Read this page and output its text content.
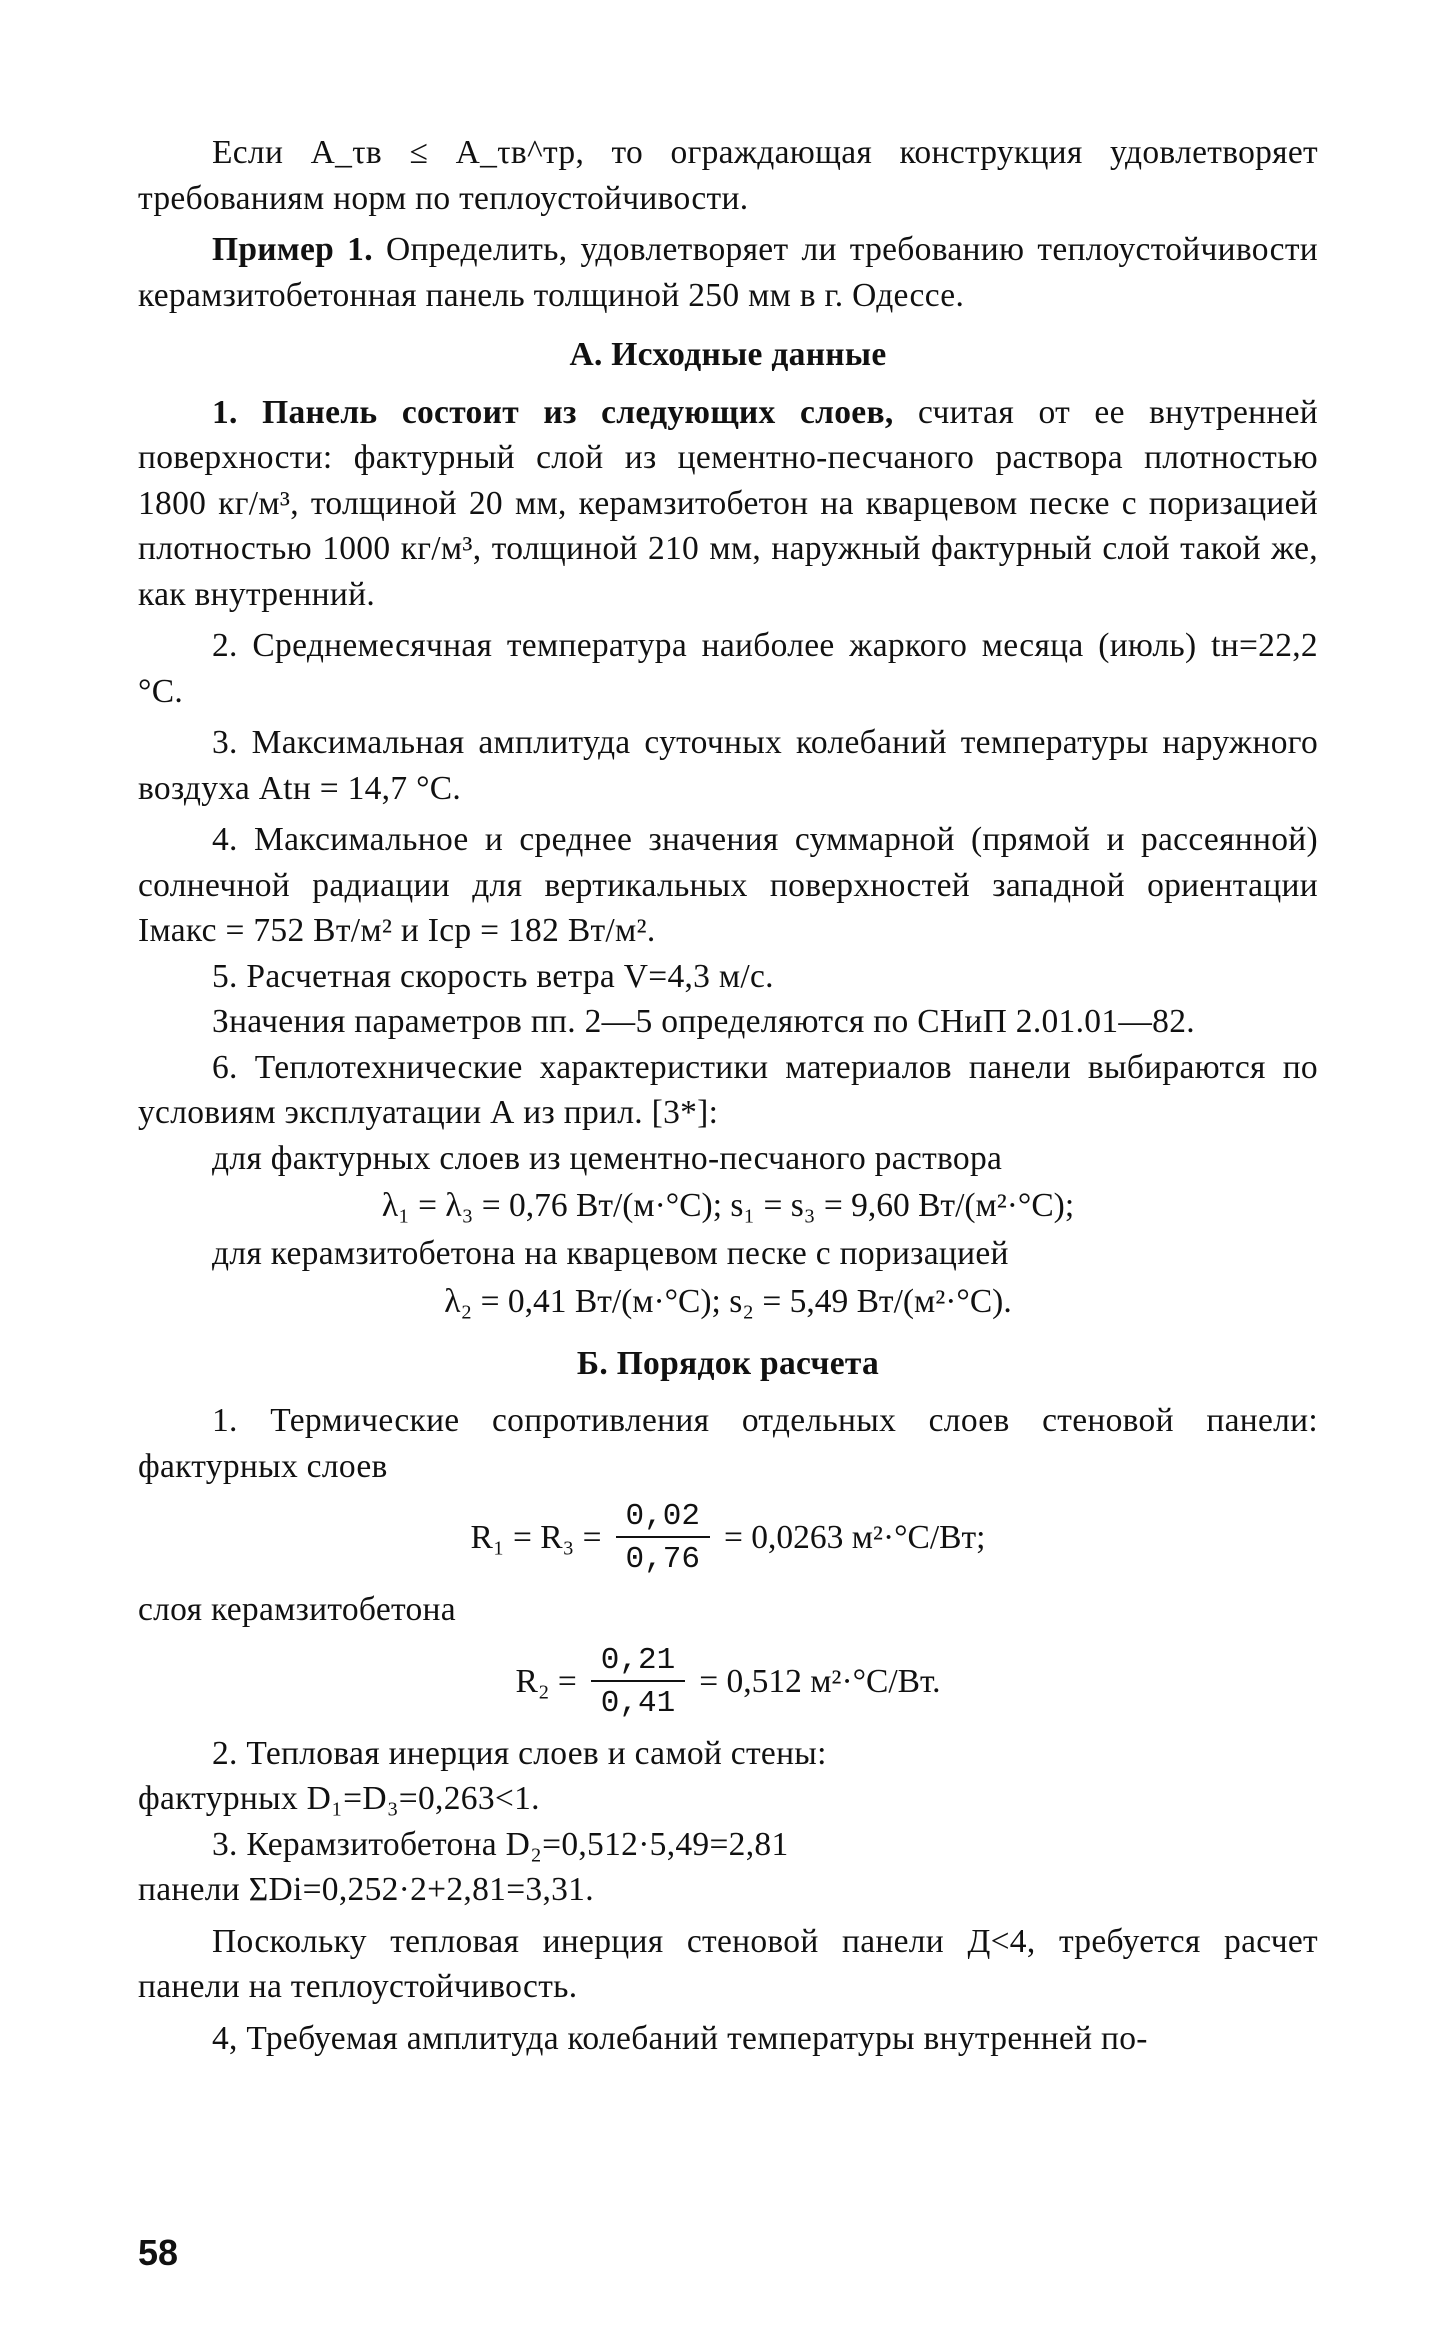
Если A_τв ≤ A_τв^тр, то ограждающая конструкция удовлетворяет требованиям норм по теплоустойчивости.

Пример 1. Определить, удовлетворяет ли требованию теплоустойчивости керамзитобетонная панель толщиной 250 мм в г. Одессе.

А. Исходные данные

1. Панель состоит из следующих слоев, считая от ее внутренней поверхности: фактурный слой из цементно-песчаного раствора плотностью 1800 кг/м³, толщиной 20 мм, керамзитобетон на кварцевом песке с поризацией плотностью 1000 кг/м³, толщиной 210 мм, наружный фактурный слой такой же, как внутренний.

2. Среднемесячная температура наиболее жаркого месяца (июль) tн=22,2 °С.

3. Максимальная амплитуда суточных колебаний температуры наружного воздуха Atн = 14,7 °С.

4. Максимальное и среднее значения суммарной (прямой и рассеянной) солнечной радиации для вертикальных поверхностей западной ориентации Iмакс = 752 Вт/м² и Iср = 182 Вт/м².

5. Расчетная скорость ветра V=4,3 м/с.

Значения параметров пп. 2—5 определяются по СНиП 2.01.01—82.

6. Теплотехнические характеристики материалов панели выбираются по условиям эксплуатации А из прил. [3*]:

для фактурных слоев из цементно-песчаного раствора

λ₁ = λ₃ = 0,76 Вт/(м·°С); s₁ = s₃ = 9,60 Вт/(м²·°С);

для керамзитобетона на кварцевом песке с поризацией

λ₂ = 0,41 Вт/(м·°С); s₂ = 5,49 Вт/(м²·°С).

Б. Порядок расчета

1. Термические сопротивления отдельных слоев стеновой панели: фактурных слоев

$R_1 = R_3 = \frac{0,02}{0,76} = 0,0263$ м²·°С/Вт;

слоя керамзитобетона

$R_2 = \frac{0,21}{0,41} = 0,512$ м²·°С/Вт.

2. Тепловая инерция слоев и самой стены:

фактурных D₁=D₃=0,263<1.

3. Керамзитобетона D₂=0,512·5,49=2,81

панели ΣDi=0,252·2+2,81=3,31.

Поскольку тепловая инерция стеновой панели Д<4, требуется расчет панели на теплоустойчивость.

4, Требуемая амплитуда колебаний температуры внутренней по-

58
